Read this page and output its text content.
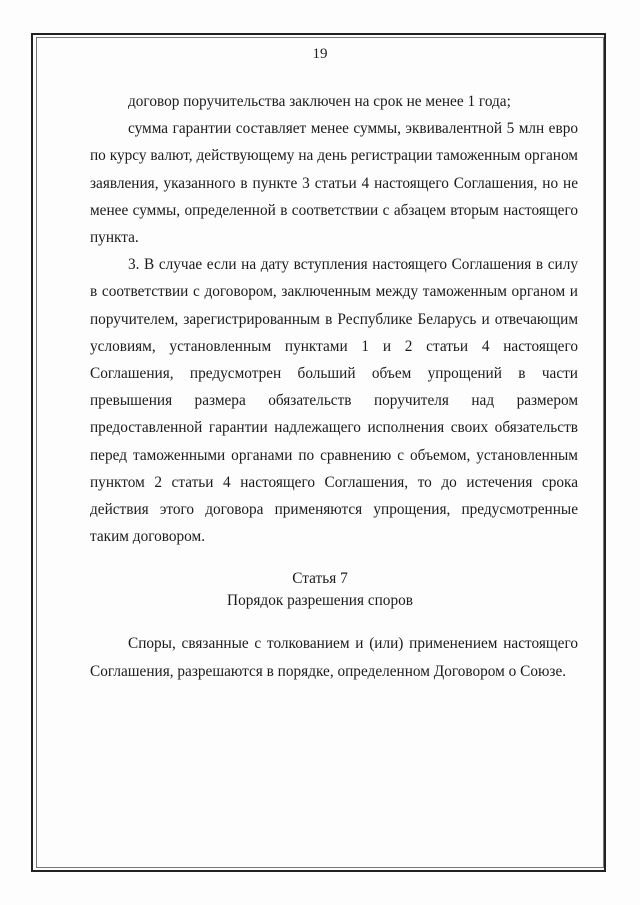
19

договор поручительства заключен на срок не менее 1 года;

сумма гарантии составляет менее суммы, эквивалентной 5 млн евро по курсу валют, действующему на день регистрации таможенным органом заявления, указанного в пункте 3 статьи 4 настоящего Соглашения, но не менее суммы, определенной в соответствии с абзацем вторым настоящего пункта.

3. В случае если на дату вступления настоящего Соглашения в силу в соответствии с договором, заключенным между таможенным органом и поручителем, зарегистрированным в Республике Беларусь и отвечающим условиям, установленным пунктами 1 и 2 статьи 4 настоящего Соглашения, предусмотрен больший объем упрощений в части превышения размера обязательств поручителя над размером предоставленной гарантии надлежащего исполнения своих обязательств перед таможенными органами по сравнению с объемом, установленным пунктом 2 статьи 4 настоящего Соглашения, то до истечения срока действия этого договора применяются упрощения, предусмотренные таким договором.

Статья 7
Порядок разрешения споров

Споры, связанные с толкованием и (или) применением настоящего Соглашения, разрешаются в порядке, определенном Договором о Союзе.
